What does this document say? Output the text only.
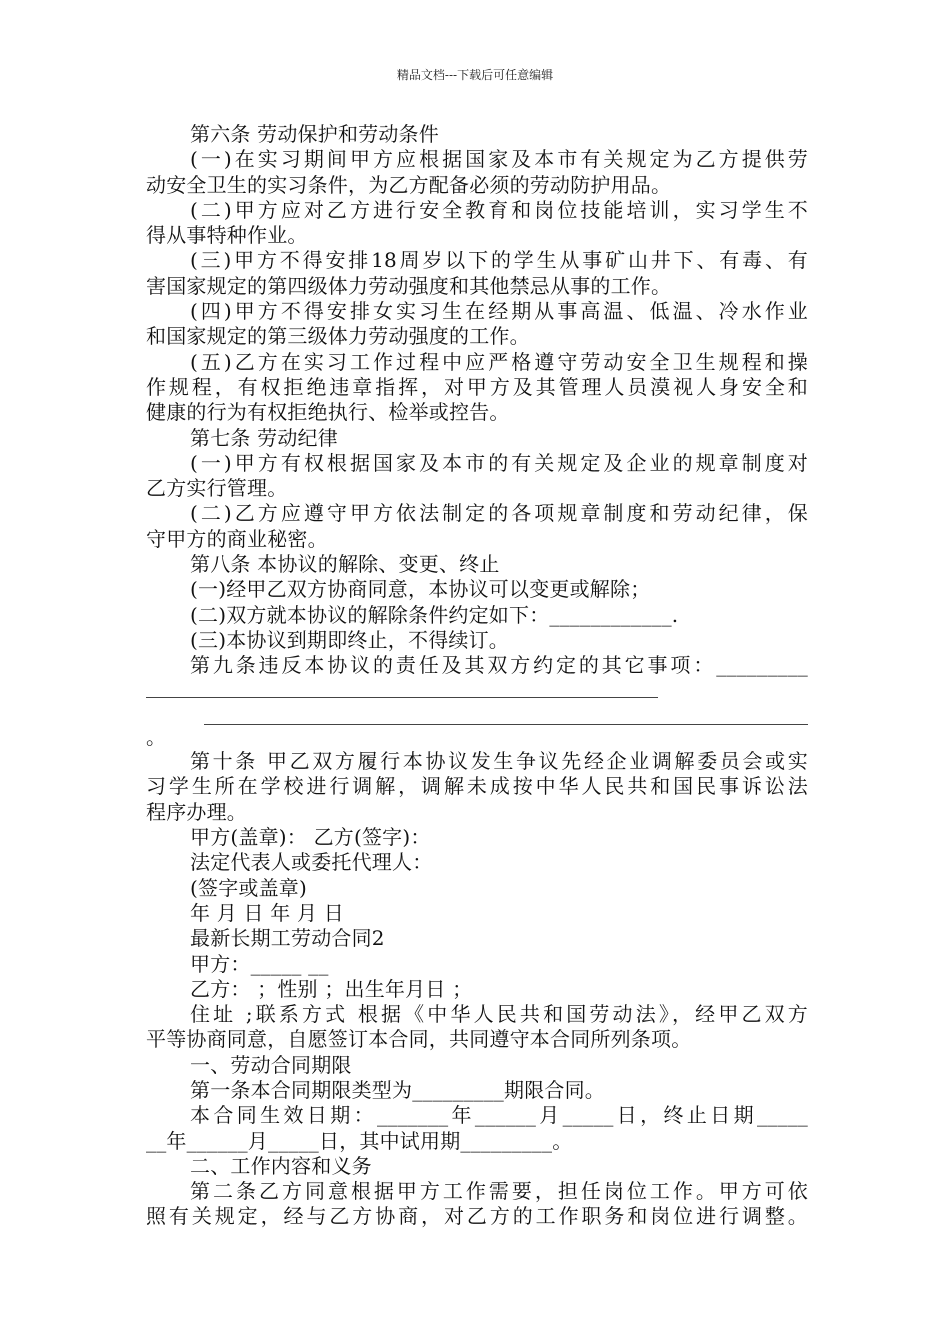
精品文档---下载后可任意编辑
第六条 劳动保护和劳动条件
(一)在实习期间甲方应根据国家及本市有关规定为乙方提供劳
动安全卫生的实习条件，为乙方配备必须的劳动防护用品。
(二)甲方应对乙方进行安全教育和岗位技能培训，实习学生不
得从事特种作业。
(三)甲方不得安排18周岁以下的学生从事矿山井下、有毒、有
害国家规定的第四级体力劳动强度和其他禁忌从事的工作。
(四)甲方不得安排女实习生在经期从事高温、低温、冷水作业
和国家规定的第三级体力劳动强度的工作。
(五)乙方在实习工作过程中应严格遵守劳动安全卫生规程和操
作规程，有权拒绝违章指挥，对甲方及其管理人员漠视人身安全和
健康的行为有权拒绝执行、检举或控告。
第七条 劳动纪律
(一)甲方有权根据国家及本市的有关规定及企业的规章制度对
乙方实行管理。
(二)乙方应遵守甲方依法制定的各项规章制度和劳动纪律，保
守甲方的商业秘密。
第八条 本协议的解除、变更、终止
(一)经甲乙双方协商同意，本协议可以变更或解除；
(二)双方就本协议的解除条件约定如下：____________.
(三)本协议到期即终止，不得续订。
第九条违反本协议的责任及其双方约定的其它事项：_________
。
第十条 甲乙双方履行本协议发生争议先经企业调解委员会或实
习学生所在学校进行调解，调解未成按中华人民共和国民事诉讼法
程序办理。
甲方(盖章)： 乙方(签字)：
法定代表人或委托代理人：
(签字或盖章)
年 月 日 年 月 日
最新长期工劳动合同2
甲方：_____ __
乙方： ；性别 ；出生年月日 ；
住址 ;联系方式 根据《中华人民共和国劳动法》，经甲乙双方
平等协商同意，自愿签订本合同，共同遵守本合同所列条项。
一、劳动合同期限
第一条本合同期限类型为_________期限合同。
本合同生效日期：_______年______月_____日，终止日期_____
__年______月_____日，其中试用期_________。
二、工作内容和义务
第二条乙方同意根据甲方工作需要，担任岗位工作。甲方可依
照有关规定，经与乙方协商，对乙方的工作职务和岗位进行调整。
